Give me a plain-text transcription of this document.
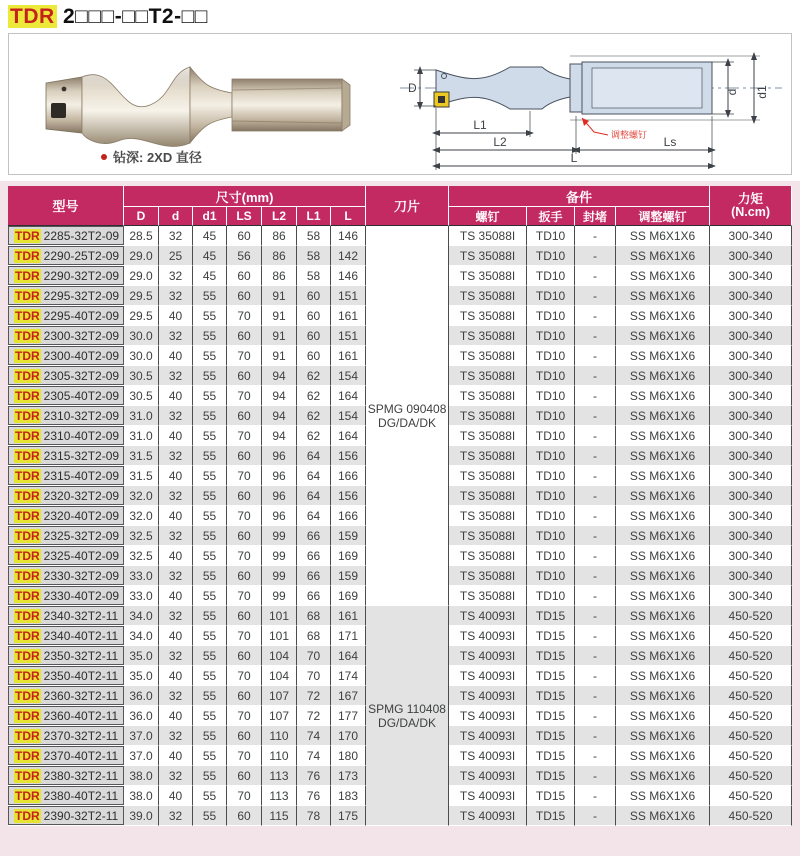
TDR 2□□□-□□T2-□□
D	d d1
L1
L2	Ls
L
调整螺钉
钻深: 2XD 直径
型号	尺寸(mm)							刀片	备件				力矩
(N.cm)

	D	d	d1	LS	L2	L1	L		螺钉	扳手	封堵	调整螺钉	

TDR 2285-32T2-09	28.5	32	45	60	86	58	146	
SPMG 090408
DG/DA/DK
	TS 35088I	TD10	-	SS M6X1X6	300-340

TDR 2290-25T2-09	29.0	25	45	56	86	58	142		TS 35088I	TD10	-	SS M6X1X6	300-340

TDR 2290-32T2-09	29.0	32	45	60	86	58	146		TS 35088I	TD10	-	SS M6X1X6	300-340

TDR 2295-32T2-09	29.5	32	55	60	91	60	151		TS 35088I	TD10	-	SS M6X1X6	300-340

TDR 2295-40T2-09	29.5	40	55	70	91	60	161		TS 35088I	TD10	-	SS M6X1X6	300-340

TDR 2300-32T2-09	30.0	32	55	60	91	60	151		TS 35088I	TD10	-	SS M6X1X6	300-340

TDR 2300-40T2-09	30.0	40	55	70	91	60	161		TS 35088I	TD10	-	SS M6X1X6	300-340

TDR 2305-32T2-09	30.5	32	55	60	94	62	154		TS 35088I	TD10	-	SS M6X1X6	300-340

TDR 2305-40T2-09	30.5	40	55	70	94	62	164		TS 35088I	TD10	-	SS M6X1X6	300-340

TDR 2310-32T2-09	31.0	32	55	60	94	62	154		TS 35088I	TD10	-	SS M6X1X6	300-340

TDR 2310-40T2-09	31.0	40	55	70	94	62	164		TS 35088I	TD10	-	SS M6X1X6	300-340

TDR 2315-32T2-09	31.5	32	55	60	96	64	156		TS 35088I	TD10	-	SS M6X1X6	300-340

TDR 2315-40T2-09	31.5	40	55	70	96	64	166		TS 35088I	TD10	-	SS M6X1X6	300-340

TDR 2320-32T2-09	32.0	32	55	60	96	64	156		TS 35088I	TD10	-	SS M6X1X6	300-340

TDR 2320-40T2-09	32.0	40	55	70	96	64	166		TS 35088I	TD10	-	SS M6X1X6	300-340

TDR 2325-32T2-09	32.5	32	55	60	99	66	159		TS 35088I	TD10	-	SS M6X1X6	300-340

TDR 2325-40T2-09	32.5	40	55	70	99	66	169		TS 35088I	TD10	-	SS M6X1X6	300-340

TDR 2330-32T2-09	33.0	32	55	60	99	66	159		TS 35088I	TD10	-	SS M6X1X6	300-340

TDR 2330-40T2-09	33.0	40	55	70	99	66	169		TS 35088I	TD10	-	SS M6X1X6	300-340

TDR 2340-32T2-11	34.0	32	55	60	101	68	161	
SPMG 110408
DG/DA/DK
	TS 40093I	TD15	-	SS M6X1X6	450-520

TDR 2340-40T2-11	34.0	40	55	70	101	68	171		TS 40093I	TD15	-	SS M6X1X6	450-520

TDR 2350-32T2-11	35.0	32	55	60	104	70	164		TS 40093I	TD15	-	SS M6X1X6	450-520

TDR 2350-40T2-11	35.0	40	55	70	104	70	174		TS 40093I	TD15	-	SS M6X1X6	450-520

TDR 2360-32T2-11	36.0	32	55	60	107	72	167		TS 40093I	TD15	-	SS M6X1X6	450-520

TDR 2360-40T2-11	36.0	40	55	70	107	72	177		TS 40093I	TD15	-	SS M6X1X6	450-520

TDR 2370-32T2-11	37.0	32	55	60	110	74	170		TS 40093I	TD15	-	SS M6X1X6	450-520

TDR 2370-40T2-11	37.0	40	55	70	110	74	180		TS 40093I	TD15	-	SS M6X1X6	450-520

TDR 2380-32T2-11	38.0	32	55	60	113	76	173		TS 40093I	TD15	-	SS M6X1X6	450-520

TDR 2380-40T2-11	38.0	40	55	70	113	76	183		TS 40093I	TD15	-	SS M6X1X6	450-520

TDR 2390-32T2-11	39.0	32	55	60	115	78	175		TS 40093I	TD15	-	SS M6X1X6	450-520
